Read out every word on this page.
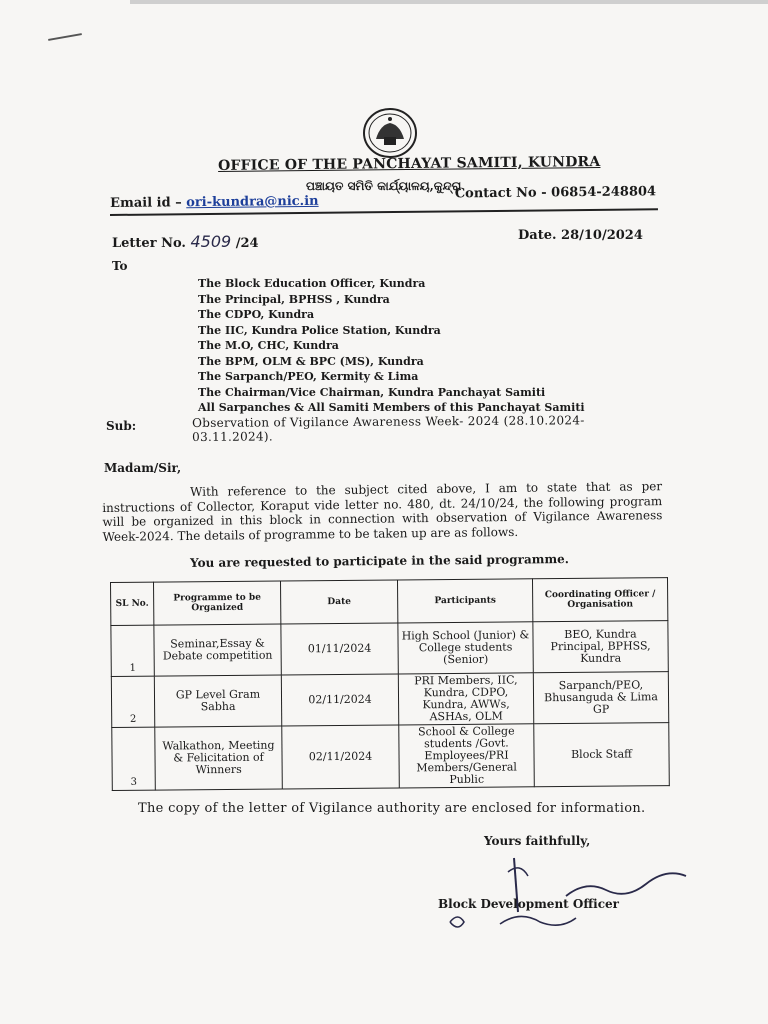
OFFICE OF THE PANCHAYAT SAMITI, KUNDRA
ପଞ୍ଚାୟତ ସମିତି କାର୍ଯ୍ୟାଳୟ,କୁନ୍ଦ୍ରା
Email id – ori-kundra@nic.in
Contact No - 06854-248804
Letter No. 4509 /24
Date. 28/10/2024
To
The Block Education Officer, Kundra
The Principal, BPHSS , Kundra
The CDPO, Kundra
The IIC, Kundra Police Station, Kundra
The M.O, CHC, Kundra
The BPM, OLM & BPC (MS), Kundra
The Sarpanch/PEO, Kermity & Lima
The Chairman/Vice Chairman, Kundra Panchayat Samiti
All Sarpanches & All Samiti Members of this Panchayat Samiti
Sub:	Observation of Vigilance Awareness Week- 2024 (28.10.2024-03.11.2024).
Madam/Sir,
With reference to the subject cited above, I am to state that as per instructions of Collector, Koraput vide letter no. 480, dt. 24/10/24, the following program will be organized in this block in connection with observation of Vigilance Awareness Week-2024. The details of programme to be taken up are as follows.
You are requested to participate in the said programme.
SL No.	Programme to be Organized	Date	Participants	Coordinating Officer / Organisation
1	Seminar,Essay & Debate competition	01/11/2024	High School (Junior) & College students (Senior)	BEO, Kundra Principal, BPHSS, Kundra
2	GP Level Gram Sabha	02/11/2024	PRI Members, IIC, Kundra, CDPO, Kundra, AWWs, ASHAs, OLM	Sarpanch/PEO, Bhusanguda & Lima GP
3	Walkathon, Meeting & Felicitation of Winners	02/11/2024	School & College students /Govt. Employees/PRI Members/General Public	Block Staff
The copy of the letter of Vigilance authority are enclosed for information.
Yours faithfully,
Block Development Officer
